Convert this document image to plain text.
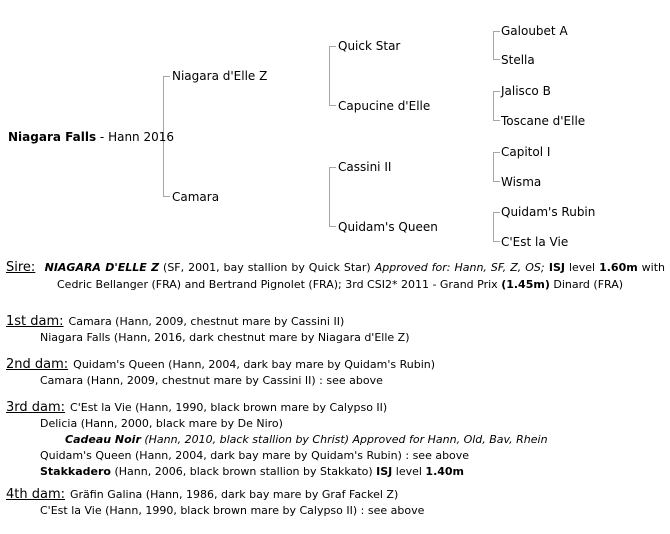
Niagara Falls - Hann 2016
Niagara d'Elle Z
Camara
Quick Star
Capucine d'Elle
Cassini II
Quidam's Queen
Galoubet A
Stella
Jalisco B
Toscane d'Elle
Capitol I
Wisma
Quidam's Rubin
C'Est la Vie
Sire: NIAGARA D'ELLE Z (SF, 2001, bay stallion by Quick Star) Approved for: Hann, SF, Z, OS; ISJ level 1.60m with Cedric Bellanger (FRA) and Bertrand Pignolet (FRA); 3rd CSI2* 2011 - Grand Prix (1.45m) Dinard (FRA)
1st dam: Camara (Hann, 2009, chestnut mare by Cassini II)
Niagara Falls (Hann, 2016, dark chestnut mare by Niagara d'Elle Z)
2nd dam: Quidam's Queen (Hann, 2004, dark bay mare by Quidam's Rubin)
Camara (Hann, 2009, chestnut mare by Cassini II) : see above
3rd dam: C'Est la Vie (Hann, 1990, black brown mare by Calypso II)
Delicia (Hann, 2000, black mare by De Niro)
Cadeau Noir (Hann, 2010, black stallion by Christ) Approved for Hann, Old, Bav, Rhein
Quidam's Queen (Hann, 2004, dark bay mare by Quidam's Rubin) : see above
Stakkadero (Hann, 2006, black brown stallion by Stakkato) ISJ level 1.40m
4th dam: Gräfin Galina (Hann, 1986, dark bay mare by Graf Fackel Z)
C'Est la Vie (Hann, 1990, black brown mare by Calypso II) : see above
